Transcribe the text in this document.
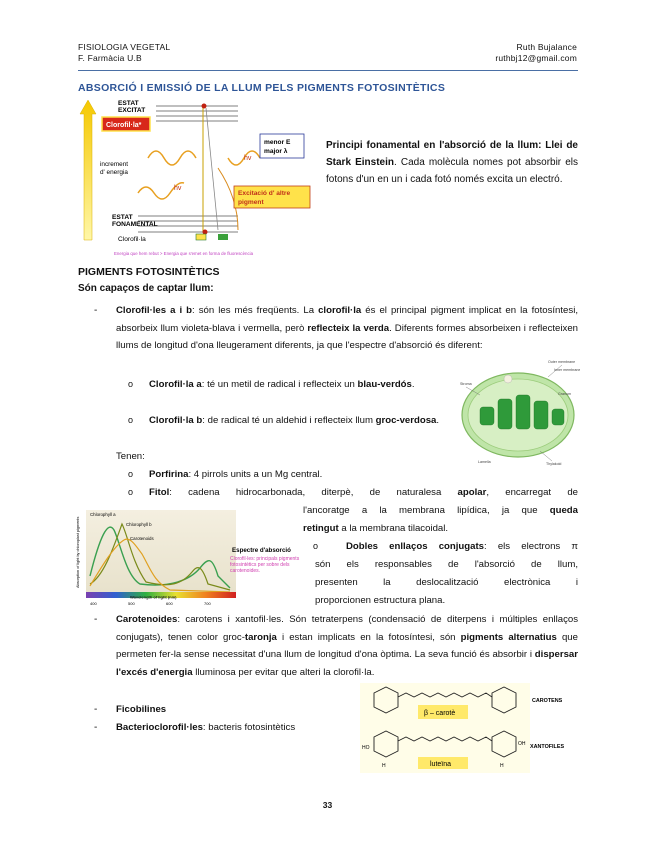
FISIOLOGIA VEGETAL
F. Farmàcia U.B
Ruth Bujalance
ruthbj12@gmail.com
ABSORCIÓ I EMISSIÓ DE LA LLUM PELS PIGMENTS FOTOSINTÈTICS
ESTAT
EXCITAT
Clorofil·la*
increment
d' energia
hv
hv
menor E
major λ
Excitació d' altre
pigment
ESTAT
FONAMENTAL
Clorofil·la
Energia que hem rebut > Energia que s'emet en forma de fluorescència
Principi fonamental en l'absorció de la llum: Llei de Stark Einstein. Cada molècula nomes pot absorbir els fotons d'un en un i cada fotó només excita un electró.
PIGMENTS FOTOSINTÈTICS
Són capaços de captar llum:
- Clorofil·les a i b: són les més freqüents. La clorofil·la és el principal pigment implicat en la fotosíntesi, absorbeix llum violeta-blava i vermella, però reflecteix la verda. Diferents formes absorbeixen i reflecteixen llums de longitud d'ona lleugerament diferents, ja que l'espectre d'absorció és diferent:
o Clorofil·la a: té un metil de radical i reflecteix un blau-verdós.
o Clorofil·la b: de radical té un aldehid i reflecteix llum groc-verdosa.
Tenen:
o Porfirina: 4 pirrols units a un Mg central.
o Fitol: cadena hidrocarbonada, diterpè, de naturalesa apolar, encarregat de
l'ancoratge a la membrana lipídica, ja que queda
retingut a la membrana tilacoidal.
o	Dobles enllaços conjugats: els electrons π
són els responsables de l'absorció de llum,
presenten la deslocalització electrònica i
proporcionen estructura plana.
Outer membrane
Inner membrane
Stroma
Granum
Thylakoid
Lamella
400	500	600	700
Wavelength of light (nm)
Absorption of light by chloroplast pigments
Chlorophyll a
Chlorophyll b
Carotenoids
Espectre d'absorció
Clorofil·les: principals pigments fotosintètics per sobre dels carotenoides.
- Carotenoides: carotens i xantofil·les. Són tetraterpens (condensació de diterpens i múltiples enllaços conjugats), tenen color groc-taronja i estan implicats en la fotosíntesi, són pigments alternatius que permeten fer-la sense necessitat d'una llum de longitud d'ona òptima. La seva funció és absorbir i dispersar l'excés d'energia lluminosa per evitar que alteri la clorofil·la.
- Ficobilines
- Bacterioclorofil·les: bacteris fotosintètics
β – carotè
luteïna
HO
OH
H	H
CAROTENS
XANTOFILES
33
